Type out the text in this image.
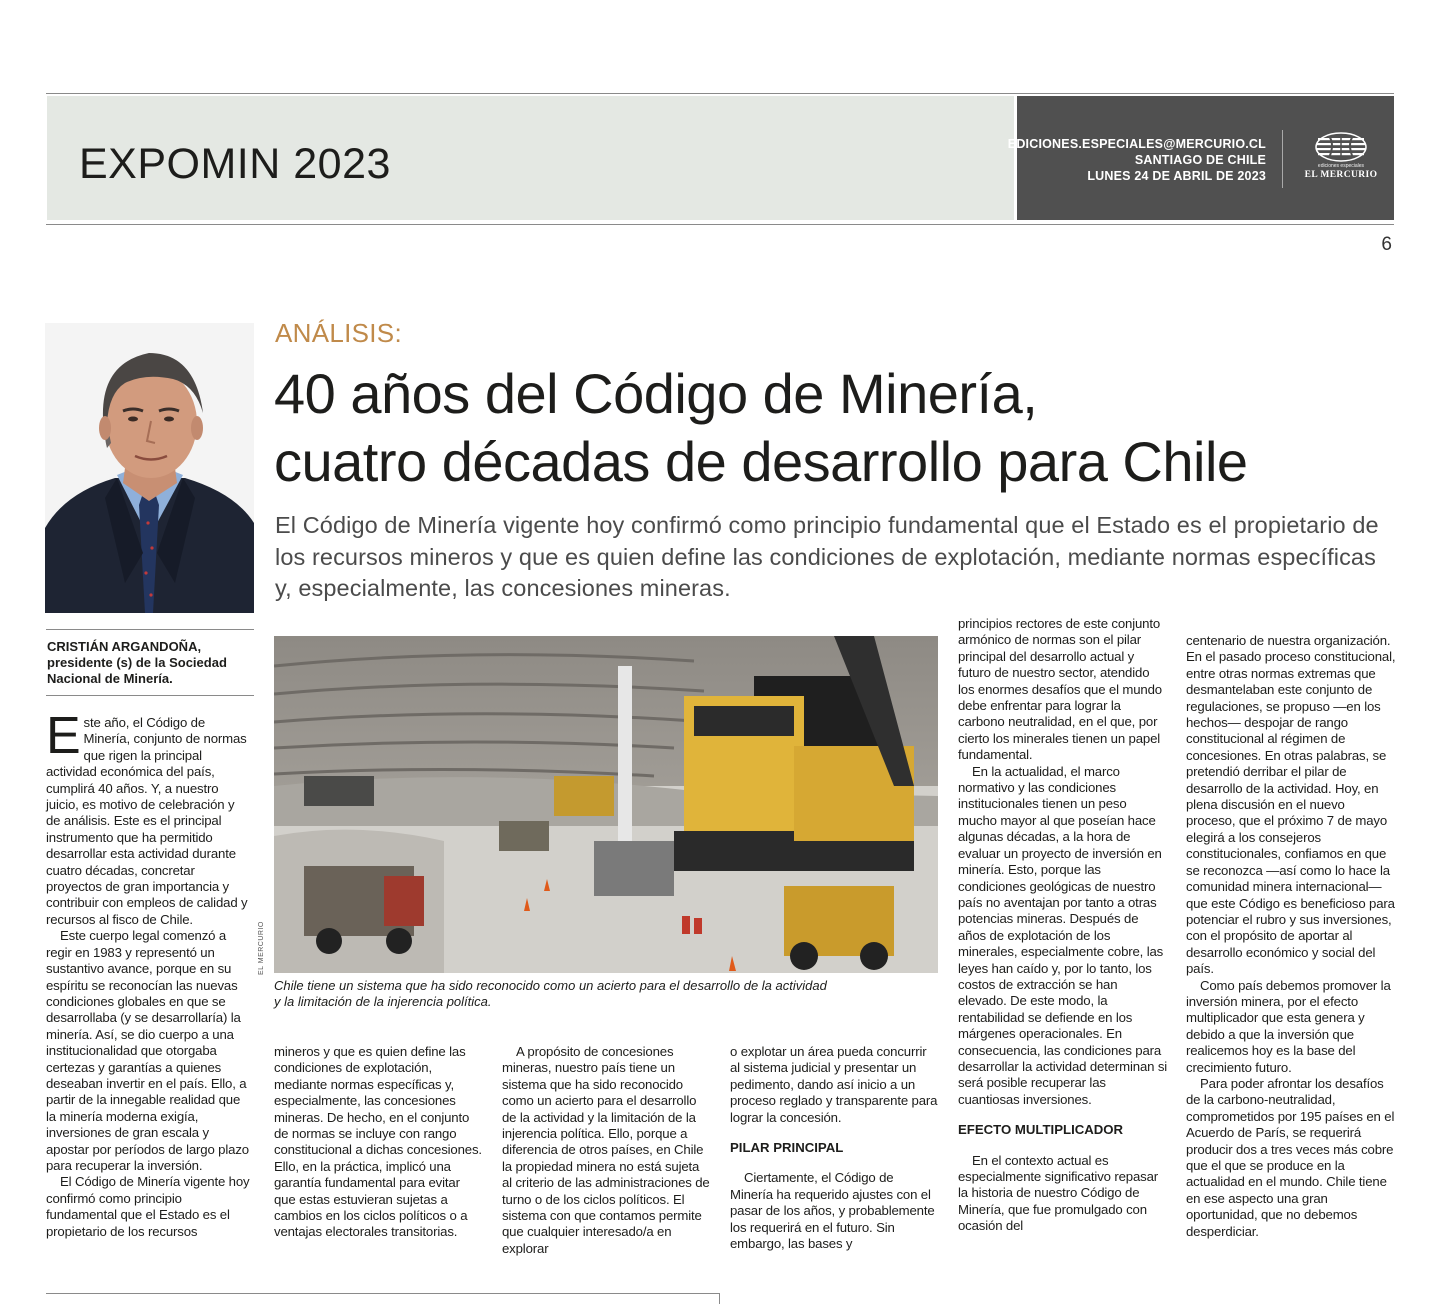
EXPOMIN 2023	EDICIONES.ESPECIALES@MERCURIO.CL
SANTIAGO DE CHILE
LUNES 24 DE ABRIL DE 2023
ediciones especiales
EL MERCURIO
6
CRISTIÁN ARGANDOÑA,
presidente (s) de la Sociedad
Nacional de Minería.
ANÁLISIS:
40 años del Código de Minería,
cuatro décadas de desarrollo para Chile
El Código de Minería vigente hoy confirmó como principio fundamental que el Estado es el propietario de los recursos mineros y que es quien define las condiciones de explotación, mediante normas específicas y, especialmente, las concesiones mineras.
EL MERCURIO
Chile tiene un sistema que ha sido reconocido como un acierto para el desarrollo de la actividad y la limitación de la injerencia política.

Este año, el Código de Minería, conjunto de normas que rigen la principal actividad económica del país, cumplirá 40 años. Y, a nuestro juicio, es motivo de celebración y de análisis. Este es el principal instrumento que ha permitido desarrollar esta actividad durante cuatro décadas, concretar proyectos de gran importancia y contribuir con empleos de calidad y recursos al fisco de Chile.

Este cuerpo legal comenzó a regir en 1983 y representó un sustantivo avance, porque en su espíritu se reconocían las nuevas condiciones globales en que se desarrollaba (y se desarrollaría) la minería. Así, se dio cuerpo a una institucionalidad que otorgaba certezas y garantías a quienes deseaban invertir en el país. Ello, a partir de la innegable realidad que la minería moderna exigía, inversiones de gran escala y apostar por períodos de largo plazo para recuperar la inversión.

El Código de Minería vigente hoy confirmó como principio fundamental que el Estado es el propietario de los recursos

mineros y que es quien define las condiciones de explotación, mediante normas específicas y, especialmente, las concesiones mineras. De hecho, en el conjunto de normas se incluye con rango constitucional a dichas concesiones. Ello, en la práctica, implicó una garantía fundamental para evitar que estas estuvieran sujetas a cambios en los ciclos políticos o a ventajas electorales transitorias.

A propósito de concesiones mineras, nuestro país tiene un sistema que ha sido reconocido como un acierto para el desarrollo de la actividad y la limitación de la injerencia política. Ello, porque a diferencia de otros países, en Chile la propiedad minera no está sujeta al criterio de las administraciones de turno o de los ciclos políticos. El sistema con que contamos permite que cualquier interesado/a en explorar

o explotar un área pueda concurrir al sistema judicial y presentar un pedimento, dando así inicio a un proceso reglado y transparente para lograr la concesión.

PILAR PRINCIPAL

Ciertamente, el Código de Minería ha requerido ajustes con el pasar de los años, y probablemente los requerirá en el futuro. Sin embargo, las bases y

principios rectores de este conjunto armónico de normas son el pilar principal del desarrollo actual y futuro de nuestro sector, atendido los enormes desafíos que el mundo debe enfrentar para lograr la carbono neutralidad, en el que, por cierto los minerales tienen un papel fundamental.

En la actualidad, el marco normativo y las condiciones institucionales tienen un peso mucho mayor al que poseían hace algunas décadas, a la hora de evaluar un proyecto de inversión en minería. Esto, porque las condiciones geológicas de nuestro país no aventajan por tanto a otras potencias mineras. Después de años de explotación de los minerales, especialmente cobre, las leyes han caído y, por lo tanto, los costos de extracción se han elevado. De este modo, la rentabilidad se defiende en los márgenes operacionales. En consecuencia, las condiciones para desarrollar la actividad determinan si será posible recuperar las cuantiosas inversiones.

EFECTO MULTIPLICADOR

En el contexto actual es especialmente significativo repasar la historia de nuestro Código de Minería, que fue promulgado con ocasión del

centenario de nuestra organización. En el pasado proceso constitucional, entre otras normas extremas que desmantelaban este conjunto de regulaciones, se propuso —en los hechos— despojar de rango constitucional al régimen de concesiones. En otras palabras, se pretendió derribar el pilar de desarrollo de la actividad. Hoy, en plena discusión en el nuevo proceso, que el próximo 7 de mayo elegirá a los consejeros constitucionales, confiamos en que se reconozca —así como lo hace la comunidad minera internacional— que este Código es beneficioso para potenciar el rubro y sus inversiones, con el propósito de aportar al desarrollo económico y social del país.

Como país debemos promover la inversión minera, por el efecto multiplicador que esta genera y debido a que la inversión que realicemos hoy es la base del crecimiento futuro.

Para poder afrontar los desafíos de la carbono-neutralidad, comprometidos por 195 países en el Acuerdo de París, se requerirá producir dos a tres veces más cobre que el que se produce en la actualidad en el mundo. Chile tiene en ese aspecto una gran oportunidad, que no debemos desperdiciar.
